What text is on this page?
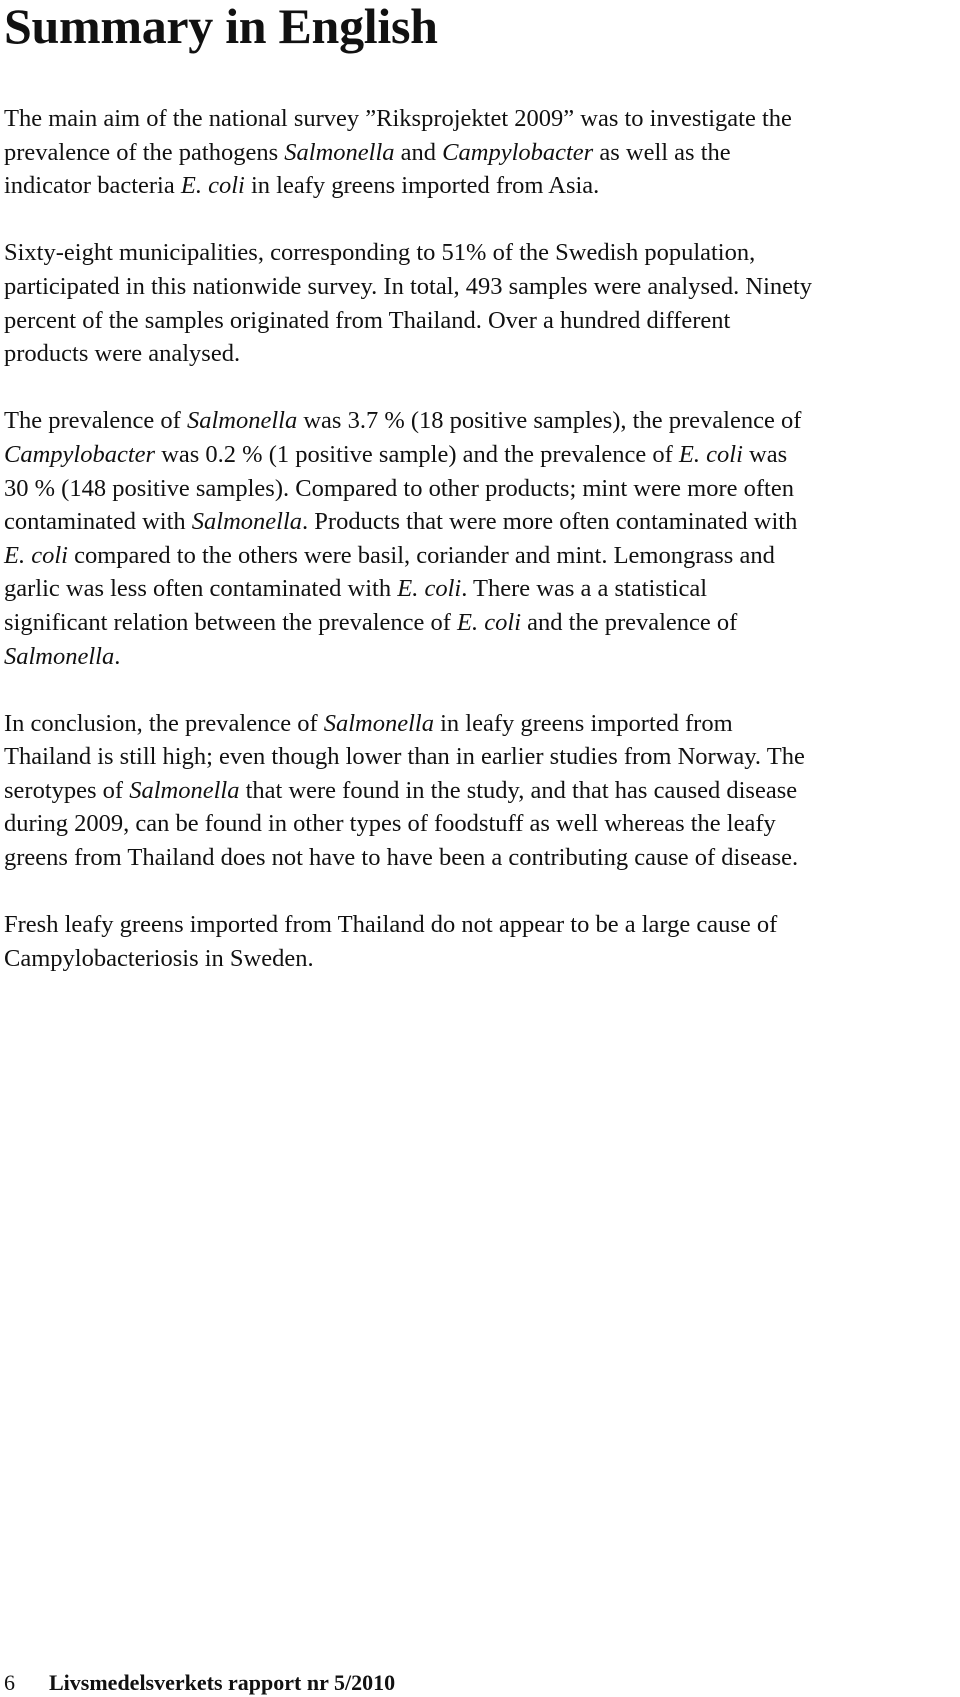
Summary in English

The main aim of the national survey ”Riksprojektet 2009” was to investigate the
prevalence of the pathogens Salmonella and Campylobacter as well as the
indicator bacteria E. coli in leafy greens imported from Asia.

Sixty-eight municipalities, corresponding to 51% of the Swedish population,
participated in this nationwide survey. In total, 493 samples were analysed. Ninety
percent of the samples originated from Thailand. Over a hundred different
products were analysed.

The prevalence of Salmonella was 3.7 % (18 positive samples), the prevalence of
Campylobacter was 0.2 % (1 positive sample) and the prevalence of E. coli was
30 % (148 positive samples). Compared to other products; mint were more often
contaminated with Salmonella. Products that were more often contaminated with
E. coli compared to the others were basil, coriander and mint. Lemongrass and
garlic was less often contaminated with E. coli. There was a a statistical
significant relation between the prevalence of E. coli and the prevalence of
Salmonella.

In conclusion, the prevalence of Salmonella in leafy greens imported from
Thailand is still high; even though lower than in earlier studies from Norway. The
serotypes of Salmonella that were found in the study, and that has caused disease
during 2009, can be found in other types of foodstuff as well whereas the leafy
greens from Thailand does not have to have been a contributing cause of disease.

Fresh leafy greens imported from Thailand do not appear to be a large cause of
Campylobacteriosis in Sweden.

6 Livsmedelsverkets rapport nr 5/2010
